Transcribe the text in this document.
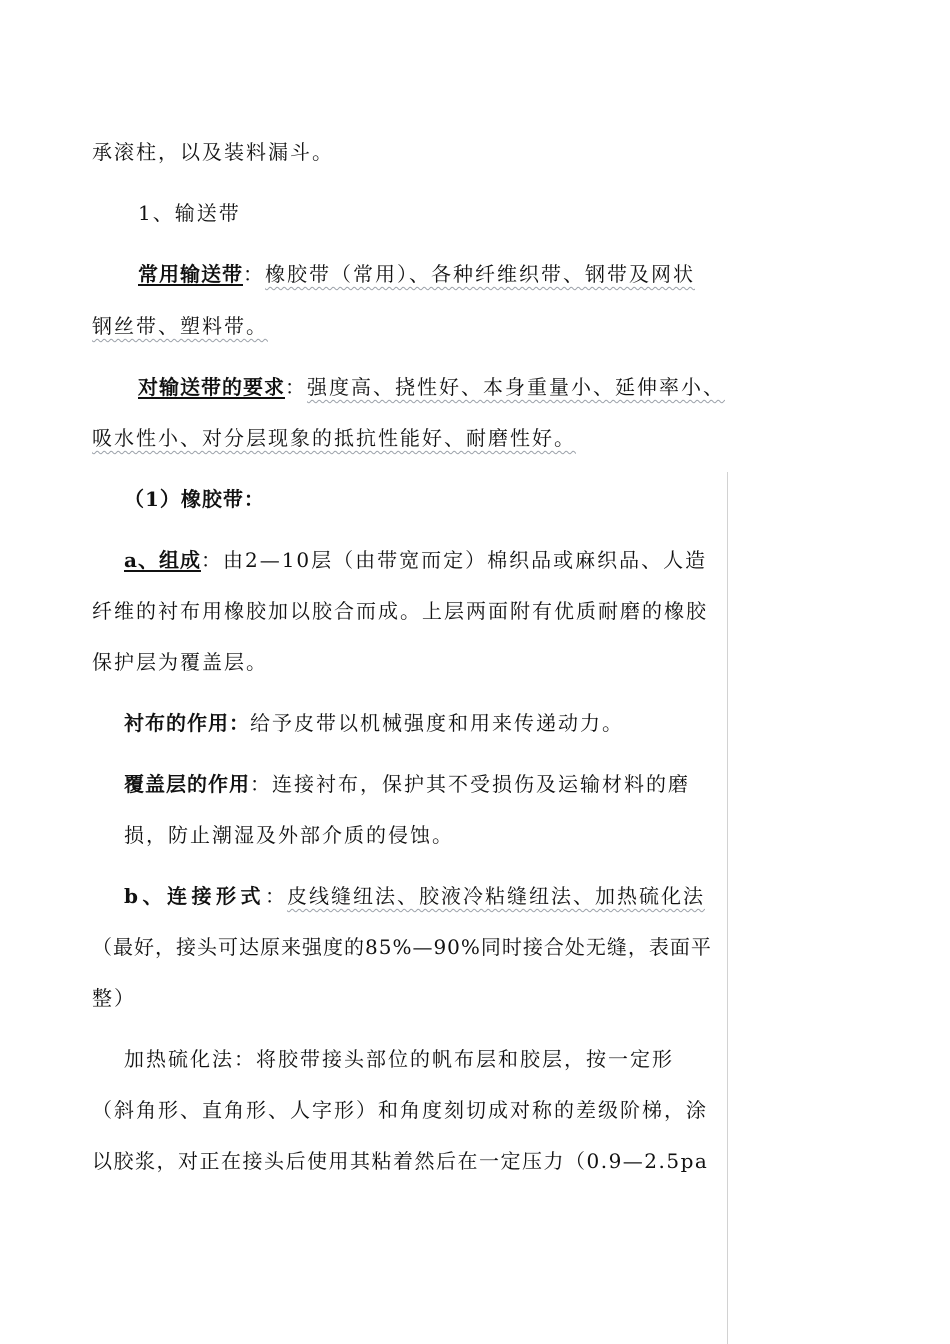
承滚柱，以及装料漏斗。
1、输送带
常用输送带：橡胶带（常用）、各种纤维织带、钢带及网状
钢丝带、塑料带。
对输送带的要求：强度高、挠性好、本身重量小、延伸率小、
吸水性小、对分层现象的抵抗性能好、耐磨性好。
（1）橡胶带：
a、组成：由2—10层（由带宽而定）棉织品或麻织品、人造
纤维的衬布用橡胶加以胶合而成。上层两面附有优质耐磨的橡胶
保护层为覆盖层。
衬布的作用：给予皮带以机械强度和用来传递动力。
覆盖层的作用：连接衬布，保护其不受损伤及运输材料的磨
损，防止潮湿及外部介质的侵蚀。
b、连接形式：皮线缝纽法、胶液冷粘缝纽法、加热硫化法
（最好，接头可达原来强度的85%—90%同时接合处无缝，表面平
整）
加热硫化法：将胶带接头部位的帆布层和胶层，按一定形
（斜角形、直角形、人字形）和角度刻切成对称的差级阶梯，涂
以胶浆，对正在接头后使用其粘着然后在一定压力（0.9—2.5pa
